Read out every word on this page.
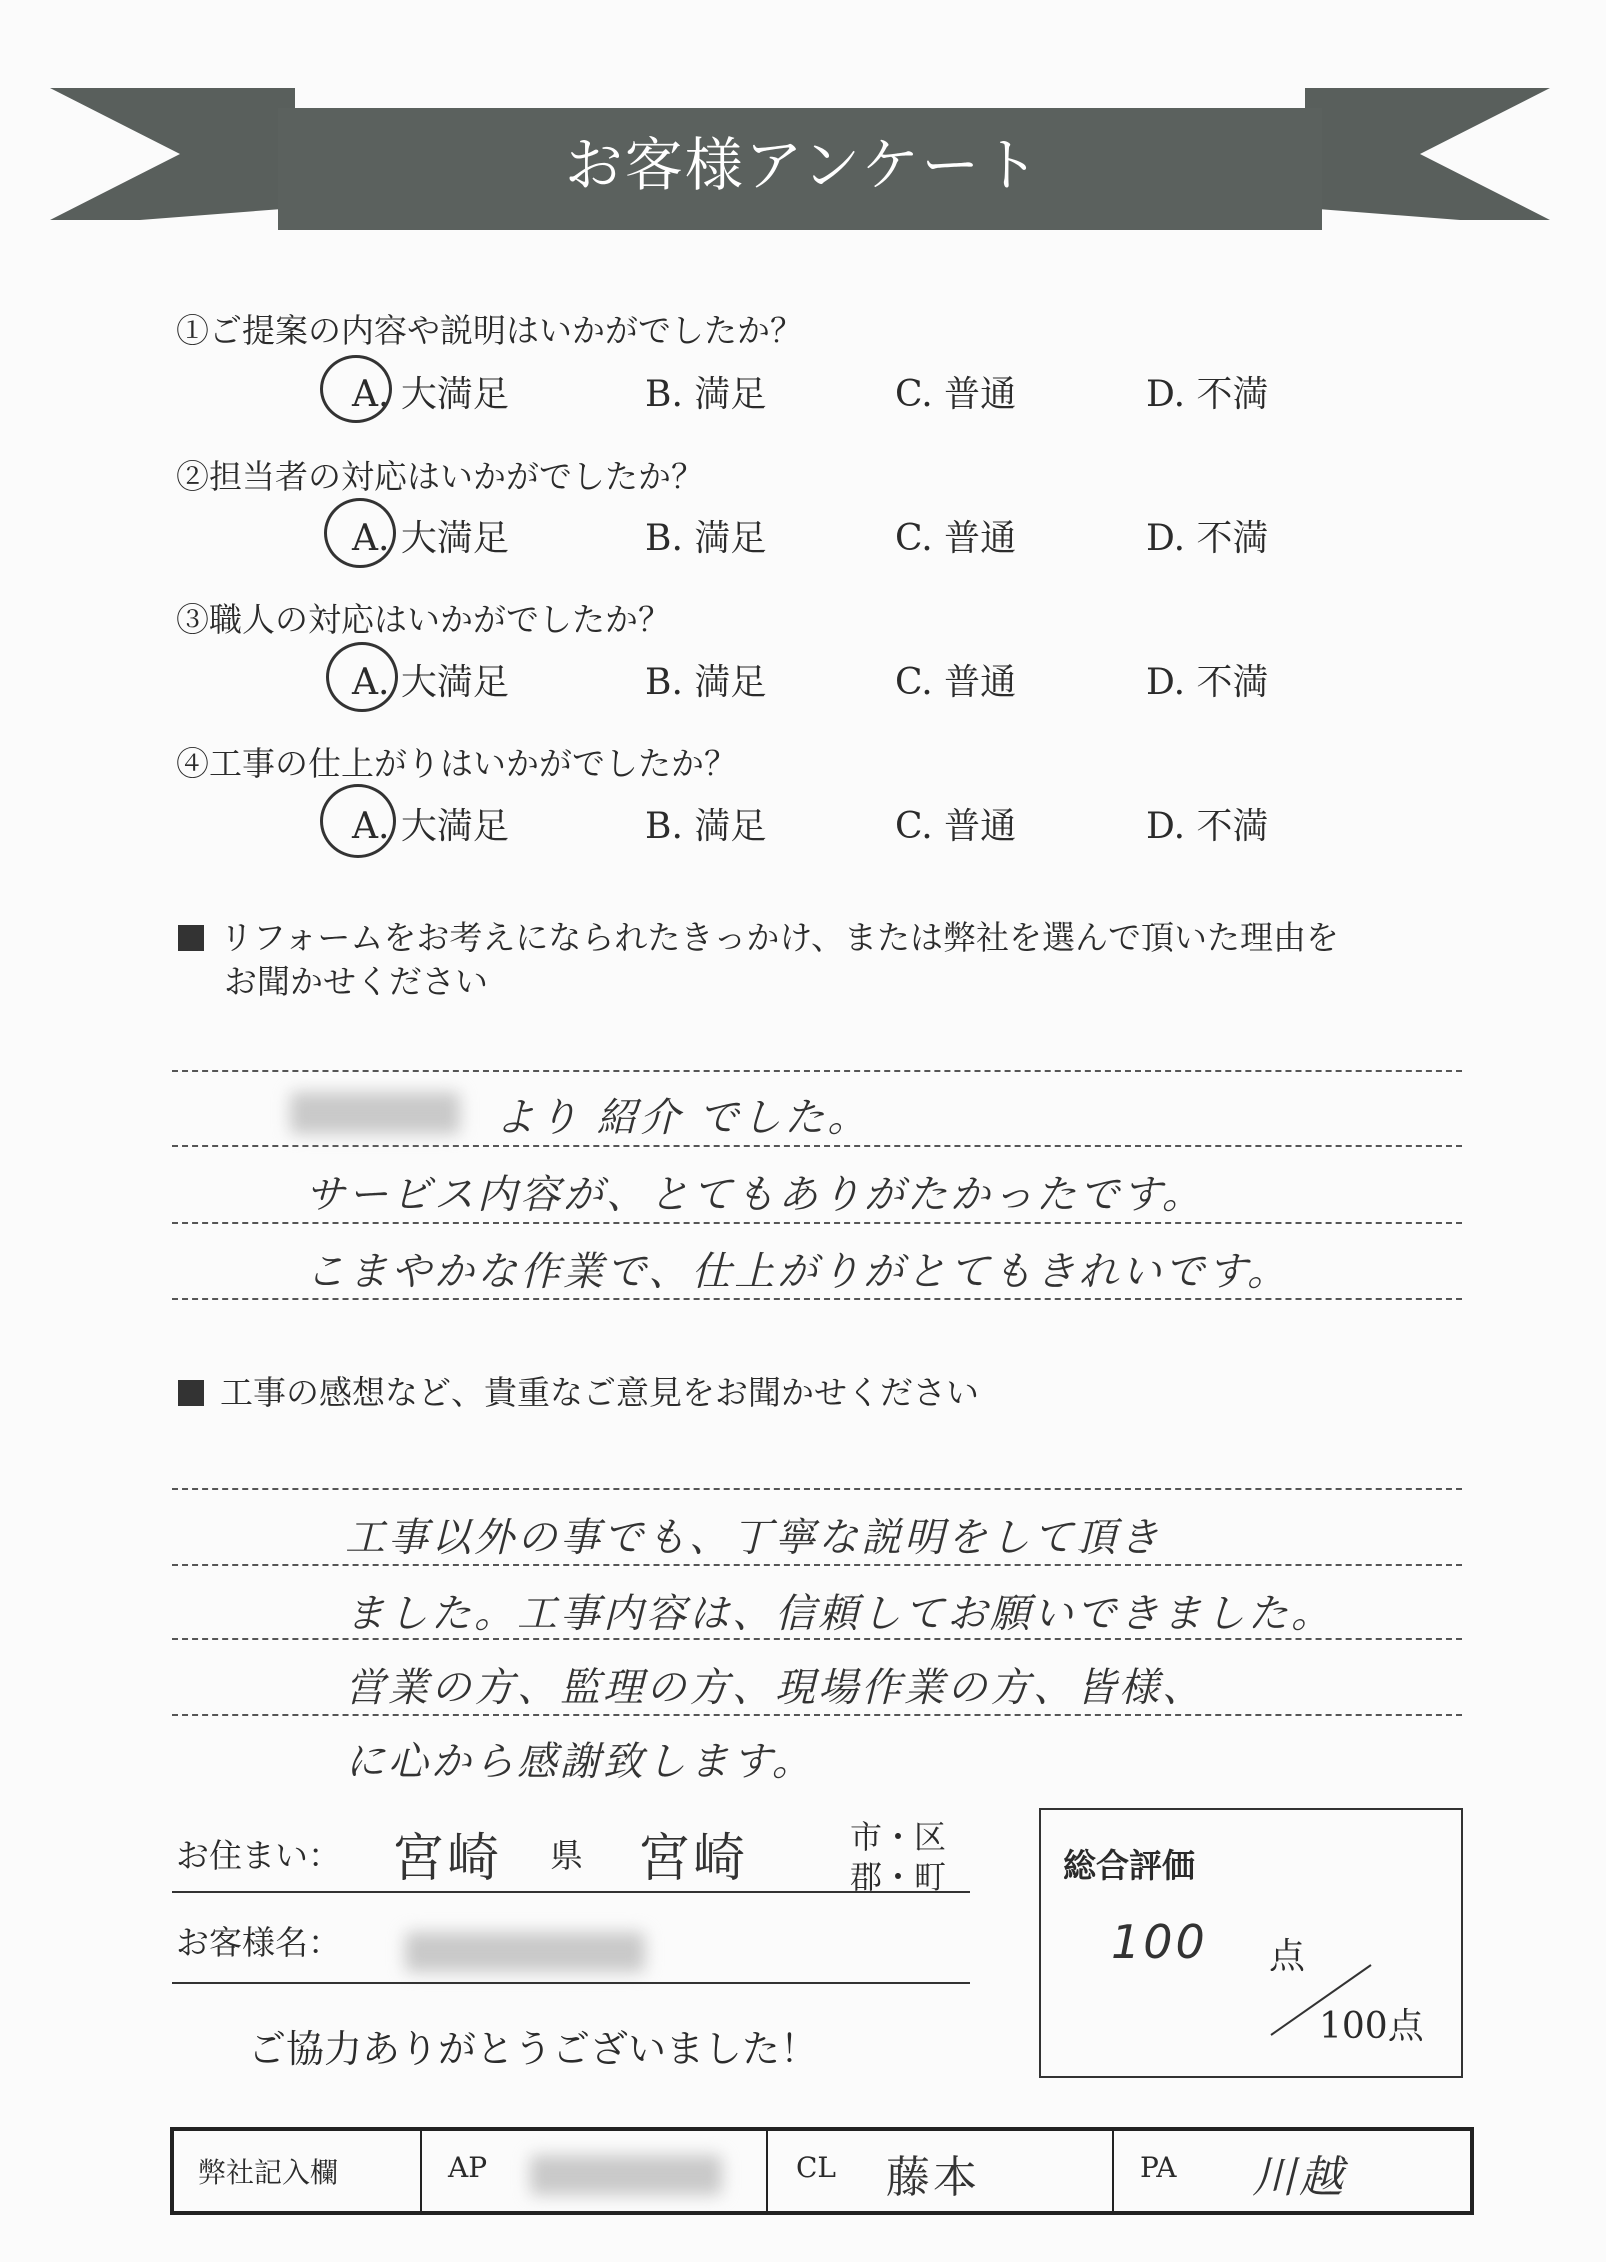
お客様アンケート
①ご提案の内容や説明はいかがでしたか？
A. 大満足	B. 満足	C. 普通	D. 不満
②担当者の対応はいかがでしたか？
A. 大満足	B. 満足	C. 普通	D. 不満
③職人の対応はいかがでしたか？
A. 大満足	B. 満足	C. 普通	D. 不満
④工事の仕上がりはいかがでしたか？
A. 大満足	B. 満足	C. 普通	D. 不満
リフォームをお考えになられたきっかけ、または弊社を選んで頂いた理由を
お聞かせください
より 紹介 でした。
サービス内容が、とてもありがたかったです。
こまやかな作業で、仕上がりがとてもきれいです。
工事の感想など、貴重なご意見をお聞かせください
工事以外の事でも、丁寧な説明をして頂き
ました。工事内容は、信頼してお願いできました。
営業の方、監理の方、現場作業の方、皆様、
に心から感謝致します。
お住まい： 宮崎 県 宮崎	市・区
郡・町
お客様名：
ご協力ありがとうございました！
総合評価
100 点
100点
弊社記入欄	AP	CL 藤本	PA 川越
